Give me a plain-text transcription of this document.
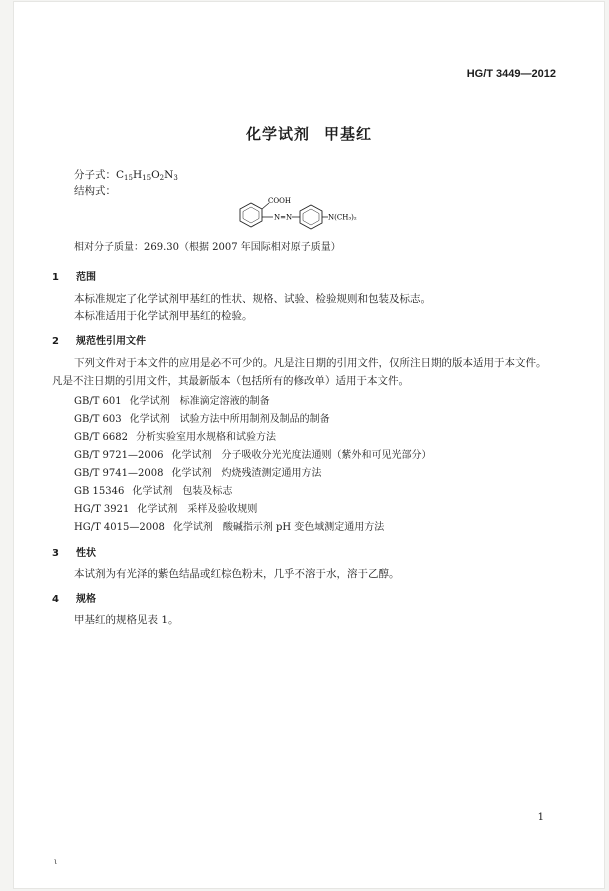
HG/T 3449—2012
化学试剂 甲基红
分子式：$C_{15}H_{15}O_2N_3$
结构式：
COOH
N=N	N(CH₃)₂
相对分子质量：269.30（根据 2007 年国际相对原子质量）
1 范围
本标准规定了化学试剂甲基红的性状、规格、试验、检验规则和包装及标志。
本标准适用于化学试剂甲基红的检验。
2 规范性引用文件
下列文件对于本文件的应用是必不可少的。凡是注日期的引用文件，仅所注日期的版本适用于本文件。凡是不注日期的引用文件，其最新版本（包括所有的修改单）适用于本文件。
GB/T 601 化学试剂　标准滴定溶液的制备
GB/T 603 化学试剂　试验方法中所用制剂及制品的制备
GB/T 6682 分析实验室用水规格和试验方法
GB/T 9721—2006 化学试剂　分子吸收分光光度法通则（紫外和可见光部分）
GB/T 9741—2008 化学试剂　灼烧残渣测定通用方法
GB 15346 化学试剂　包装及标志
HG/T 3921 化学试剂　采样及验收规则
HG/T 4015—2008 化学试剂　酸碱指示剂 pH 变色域测定通用方法
3 性状
本试剂为有光泽的紫色结晶或红棕色粉末，几乎不溶于水，溶于乙醇。
4 规格
甲基红的规格见表 1。
1
ι
